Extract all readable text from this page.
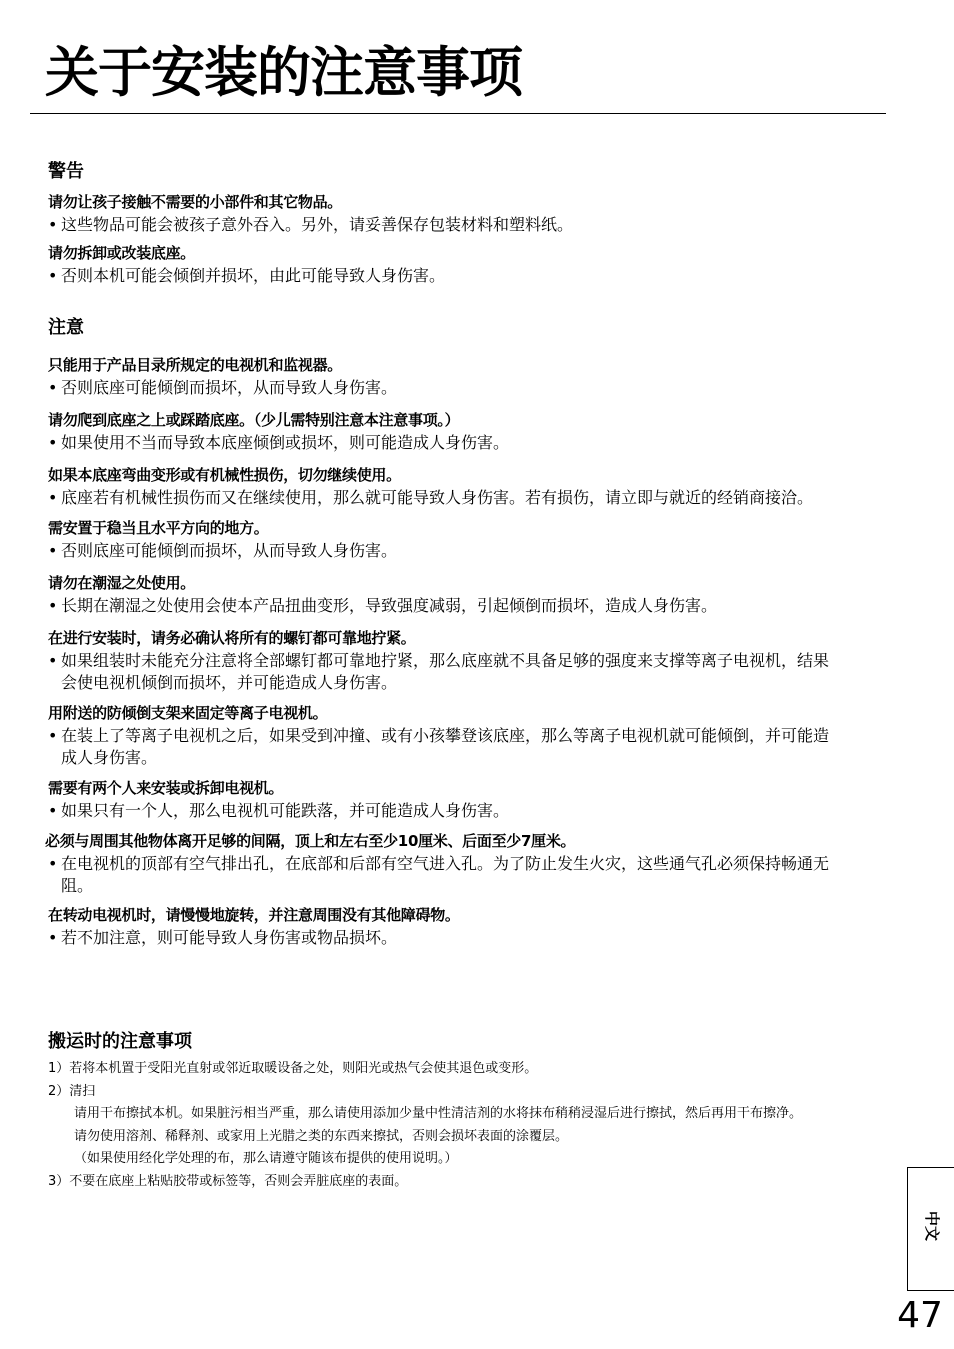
关于安装的注意事项

警告

请勿让孩子接触不需要的小部件和其它物品。

• 这些物品可能会被孩子意外吞入。另外，请妥善保存包装材料和塑料纸。

请勿拆卸或改装底座。

• 否则本机可能会倾倒并损坏，由此可能导致人身伤害。

注意

只能用于产品目录所规定的电视机和监视器。

• 否则底座可能倾倒而损坏，从而导致人身伤害。

请勿爬到底座之上或踩踏底座。（少儿需特别注意本注意事项。）

• 如果使用不当而导致本底座倾倒或损坏，则可能造成人身伤害。

如果本底座弯曲变形或有机械性损伤，切勿继续使用。

• 底座若有机械性损伤而又在继续使用，那么就可能导致人身伤害。若有损伤，请立即与就近的经销商接洽。

需安置于稳当且水平方向的地方。

• 否则底座可能倾倒而损坏，从而导致人身伤害。

请勿在潮湿之处使用。

• 长期在潮湿之处使用会使本产品扭曲变形，导致强度减弱，引起倾倒而损坏，造成人身伤害。

在进行安装时，请务必确认将所有的螺钉都可靠地拧紧。

• 如果组装时未能充分注意将全部螺钉都可靠地拧紧，那么底座就不具备足够的强度来支撑等离子电视机，结果会使电视机倾倒而损坏，并可能造成人身伤害。

用附送的防倾倒支架来固定等离子电视机。

• 在装上了等离子电视机之后，如果受到冲撞、或有小孩攀登该底座，那么等离子电视机就可能倾倒，并可能造成人身伤害。

需要有两个人来安装或拆卸电视机。

• 如果只有一个人，那么电视机可能跌落，并可能造成人身伤害。

必须与周围其他物体离开足够的间隔，顶上和左右至少10厘米、后面至少7厘米。

• 在电视机的顶部有空气排出孔，在底部和后部有空气进入孔。为了防止发生火灾，这些通气孔必须保持畅通无阻。

在转动电视机时，请慢慢地旋转，并注意周围没有其他障碍物。

• 若不加注意，则可能导致人身伤害或物品损坏。

搬运时的注意事项

1）若将本机置于受阳光直射或邻近取暖设备之处，则阳光或热气会使其退色或变形。

2）清扫

请用干布擦拭本机。如果脏污相当严重，那么请使用添加少量中性清洁剂的水将抹布稍稍浸湿后进行擦拭，然后再用干布擦净。

请勿使用溶剂、稀释剂、或家用上光腊之类的东西来擦拭，否则会损坏表面的涂覆层。

（如果使用经化学处理的布，那么请遵守随该布提供的使用说明。）

3）不要在底座上粘贴胶带或标签等，否则会弄脏底座的表面。

中文
47
